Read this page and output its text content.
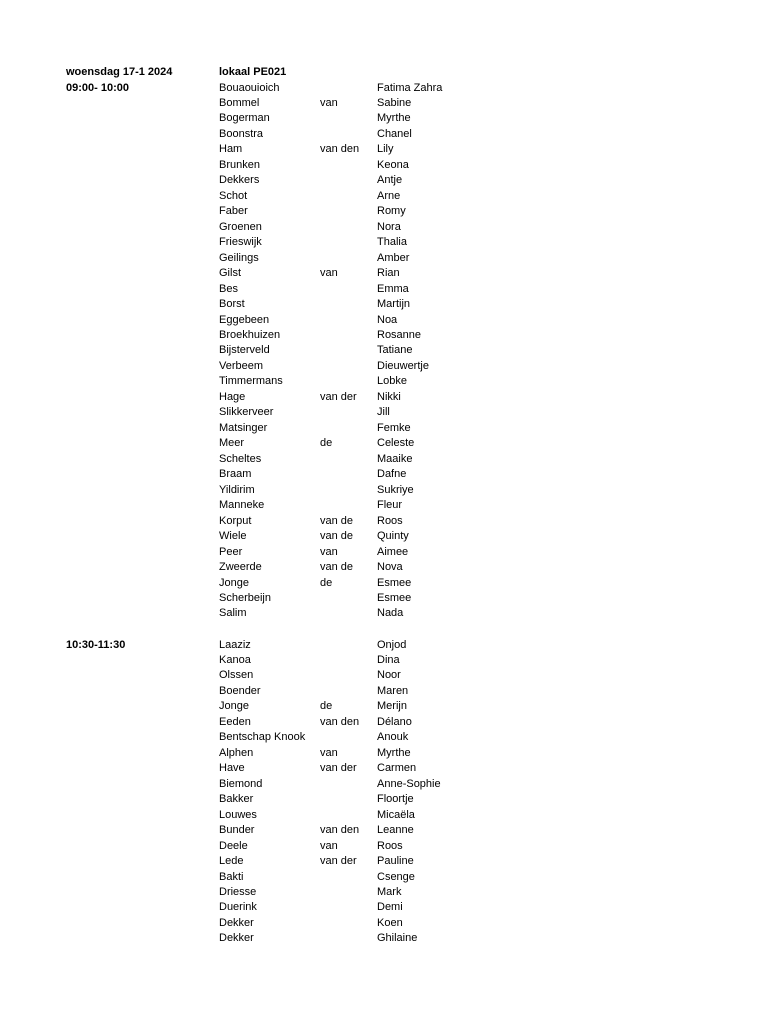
woensdag 17-1 2024	lokaal PE021
09:00- 10:00	Bouaouioich	Fatima Zahra
Bommel	van	Sabine
Bogerman	Myrthe
Boonstra	Chanel
Ham	van den Lily
Brunken	Keona
Dekkers	Antje
Schot	Arne
Faber	Romy
Groenen	Nora
Frieswijk	Thalia
Geilings	Amber
Gilst	van	Rian
Bes	Emma
Borst	Martijn
Eggebeen	Noa
Broekhuizen	Rosanne
Bijsterveld	Tatiane
Verbeem	Dieuwertje
Timmermans	Lobke
Hage	van der Nikki
Slikkerveer	Jill
Matsinger	Femke
Meer	de	Celeste
Scheltes	Maaike
Braam	Dafne
Yildirim	Sukriye
Manneke	Fleur
Korput	van de Roos
Wiele	van de Quinty
Peer	van	Aimee
Zweerde	van de Nova
Jonge	de	Esmee
Scherbeijn	Esmee
Salim	Nada
10:30-11:30	Laaziz	Onjod
Kanoa	Dina
Olssen	Noor
Boender	Maren
Jonge	de	Merijn
Eeden	van den Délano
Bentschap Knook	Anouk
Alphen	van	Myrthe
Have	van der Carmen
Biemond	Anne-Sophie
Bakker	Floortje
Louwes	Micaëla
Bunder	van den Leanne
Deele	van	Roos
Lede	van der Pauline
Bakti	Csenge
Driesse	Mark
Duerink	Demi
Dekker	Koen
Dekker	Ghilaine
